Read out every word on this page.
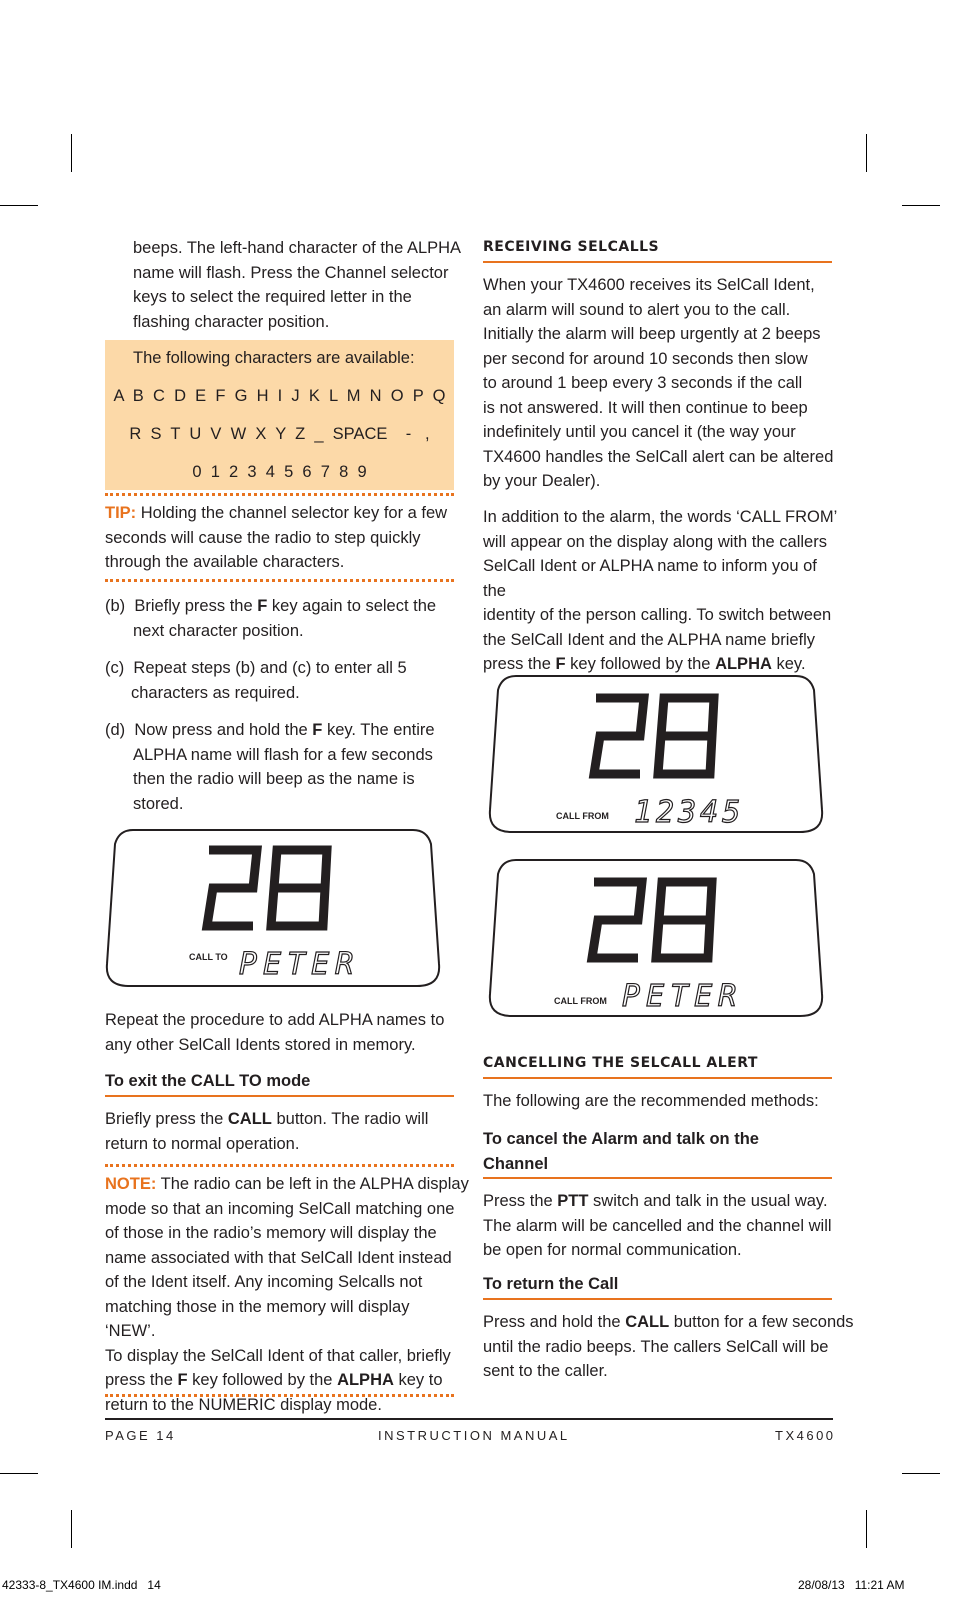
beeps. The left-hand character of the ALPHA
name will flash. Press the Channel selector
keys to select the required letter in the
flashing character position.
The following characters are available:
A  B  C  D  E  F  G  H  I  J  K  L  M  N  O  P  Q
R  S  T  U  V  W  X  Y  Z  _  SPACE    -   ,
0  1  2  3  4  5  6  7  8  9
TIP: Holding the channel selector key for a few
seconds will cause the radio to step quickly
through the available characters.
(b)  Briefly press the F key again to select the
next character position.
(c)  Repeat steps (b) and (c) to enter all 5
characters as required.
(d)  Now press and hold the F key. The entire
ALPHA name will flash for a few seconds
then the radio will beep as the name is
stored.
CALL TO PETER
Repeat the procedure to add ALPHA names to
any other SelCall Idents stored in memory.
To exit the CALL TO mode
Briefly press the CALL button. The radio will
return to normal operation.
NOTE: The radio can be left in the ALPHA display
mode so that an incoming SelCall matching one
of those in the radio’s memory will display the
name associated with that SelCall Ident instead
of the Ident itself. Any incoming Selcalls not
matching those in the memory will display ‘NEW’.
To display the SelCall Ident of that caller, briefly
press the F key followed by the ALPHA key to
return to the NUMERIC display mode.
RECEIVING SELCALLS
When your TX4600 receives its SelCall Ident,
an alarm will sound to alert you to the call.
Initially the alarm will beep urgently at 2 beeps
per second for around 10 seconds then slow
to around 1 beep every 3 seconds if the call
is not answered. It will then continue to beep
indefinitely until you cancel it (the way your
TX4600 handles the SelCall alert can be altered
by your Dealer).
In addition to the alarm, the words ‘CALL FROM’
will appear on the display along with the callers
SelCall Ident or ALPHA name to inform you of the
identity of the person calling. To switch between
the SelCall Ident and the ALPHA name briefly
press the F key followed by the ALPHA key.
CALL FROM 12345
CALL FROM PETER
CANCELLING THE SELCALL ALERT
The following are the recommended methods:
To cancel the Alarm and talk on the
Channel
Press the PTT switch and talk in the usual way.
The alarm will be cancelled and the channel will
be open for normal communication.
To return the Call
Press and hold the CALL button for a few seconds
until the radio beeps. The callers SelCall will be
sent to the caller.
PAGE 14	INSTRUCTION MANUAL	TX4600
42333-8_TX4600 IM.indd   14	28/08/13   11:21 AM
